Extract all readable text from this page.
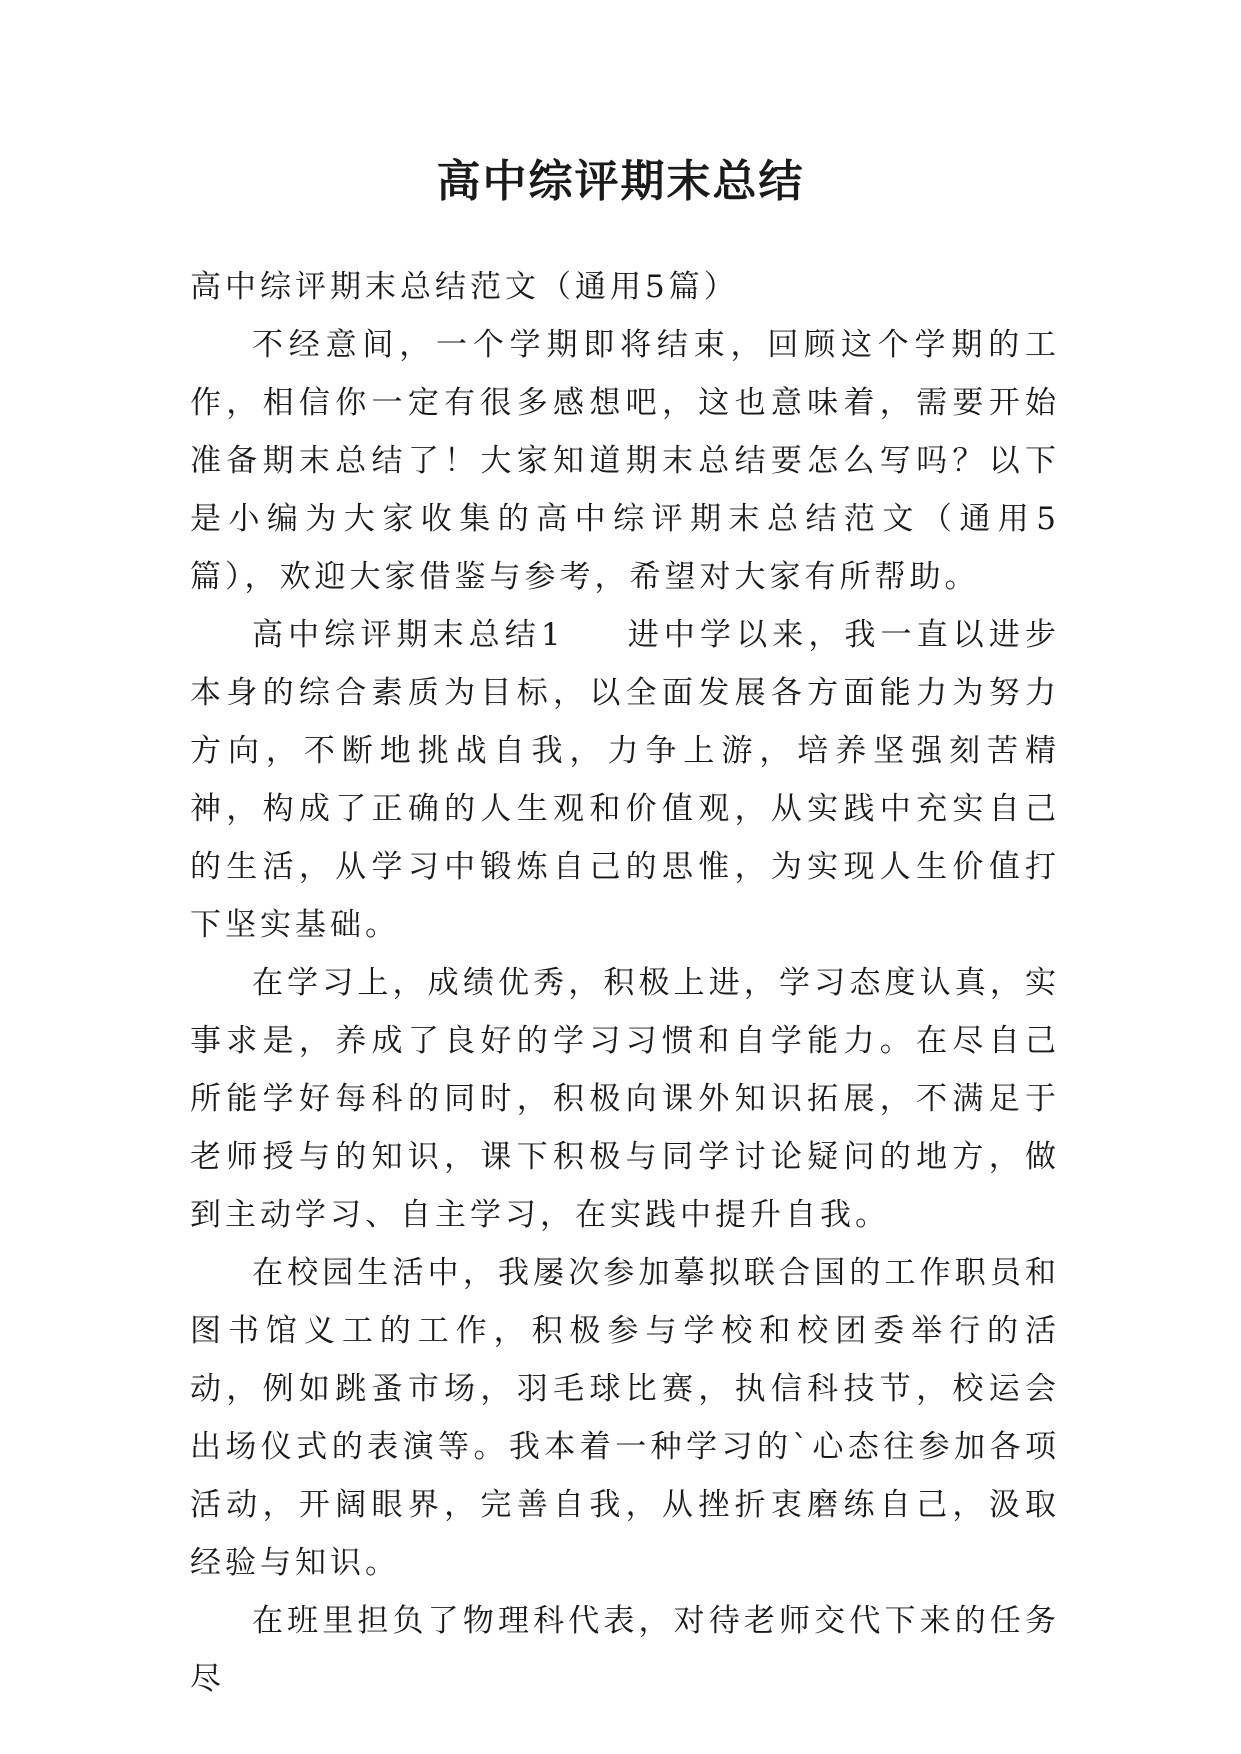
高中综评期末总结

高中综评期末总结范文（通用5篇）

不经意间，一个学期即将结束，回顾这个学期的工作，相信你一定有很多感想吧，这也意味着，需要开始准备期末总结了！大家知道期末总结要怎么写吗？以下是小编为大家收集的高中综评期末总结范文（通用5篇），欢迎大家借鉴与参考，希望对大家有所帮助。

高中综评期末总结1 进中学以来，我一直以进步本身的综合素质为目标，以全面发展各方面能力为努力方向，不断地挑战自我，力争上游，培养坚强刻苦精神，构成了正确的人生观和价值观，从实践中充实自己的生活，从学习中锻炼自己的思惟，为实现人生价值打下坚实基础。

在学习上，成绩优秀，积极上进，学习态度认真，实事求是，养成了良好的学习习惯和自学能力。在尽自己所能学好每科的同时，积极向课外知识拓展，不满足于老师授与的知识，课下积极与同学讨论疑问的地方，做到主动学习、自主学习，在实践中提升自我。

在校园生活中，我屡次参加摹拟联合国的工作职员和图书馆义工的工作，积极参与学校和校团委举行的活动，例如跳蚤市场，羽毛球比赛，执信科技节，校运会出场仪式的表演等。我本着一种学习的`心态往参加各项活动，开阔眼界，完善自我，从挫折衷磨练自己，汲取经验与知识。

在班里担负了物理科代表，对待老师交代下来的任务尽
